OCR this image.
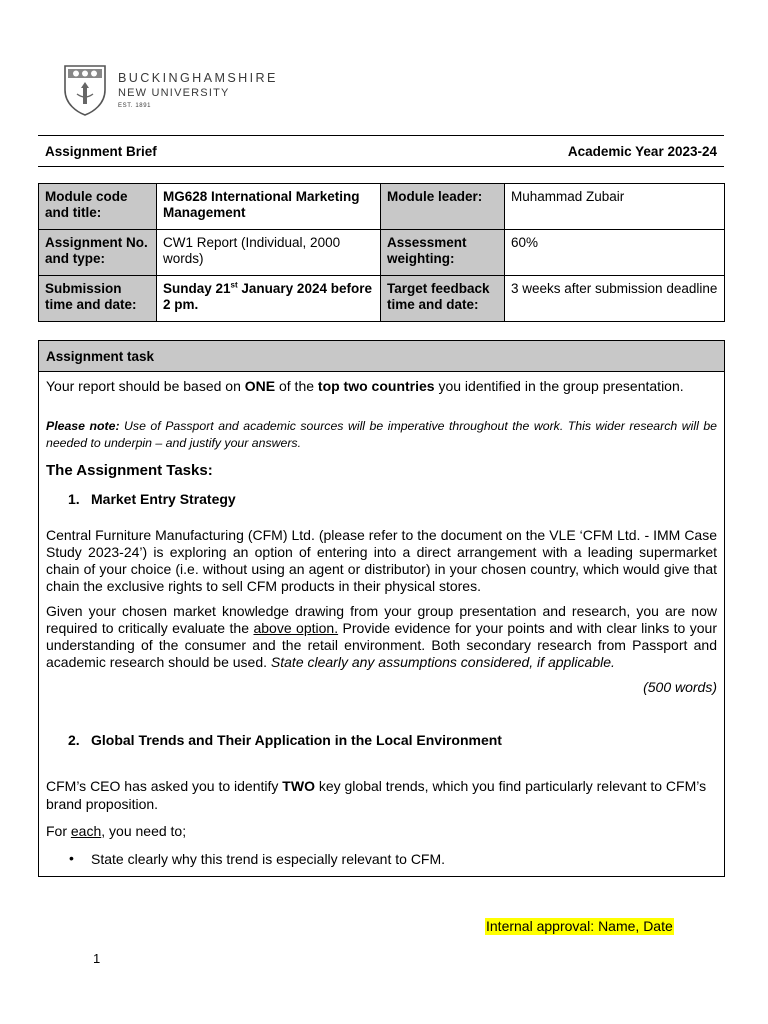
BUCKINGHAMSHIRE
NEW UNIVERSITY
EST. 1891
Assignment Brief	Academic Year 2023-24
Module code and title:	MG628 International Marketing Management	Module leader:	Muhammad Zubair
Assignment No. and type:	CW1 Report (Individual, 2000 words)	Assessment weighting:	60%
Submission time and date:	Sunday 21st January 2024 before 2 pm.	Target feedback time and date:	3 weeks after submission deadline
Assignment task
Your report should be based on ONE of the top two countries you identified in the group presentation.
Please note: Use of Passport and academic sources will be imperative throughout the work. This wider research will be needed to underpin – and justify your answers.
The Assignment Tasks:
1. Market Entry Strategy
Central Furniture Manufacturing (CFM) Ltd. (please refer to the document on the VLE ‘CFM Ltd. - IMM Case Study 2023-24’) is exploring an option of entering into a direct arrangement with a leading supermarket chain of your choice (i.e. without using an agent or distributor) in your chosen country, which would give that chain the exclusive rights to sell CFM products in their physical stores.
Given your chosen market knowledge drawing from your group presentation and research, you are now required to critically evaluate the above option. Provide evidence for your points and with clear links to your understanding of the consumer and the retail environment. Both secondary research from Passport and academic research should be used. State clearly any assumptions considered, if applicable.
(500 words)
2. Global Trends and Their Application in the Local Environment
CFM’s CEO has asked you to identify TWO key global trends, which you find particularly relevant to CFM’s brand proposition.
For each, you need to;
• State clearly why this trend is especially relevant to CFM.
Internal approval: Name, Date
1
